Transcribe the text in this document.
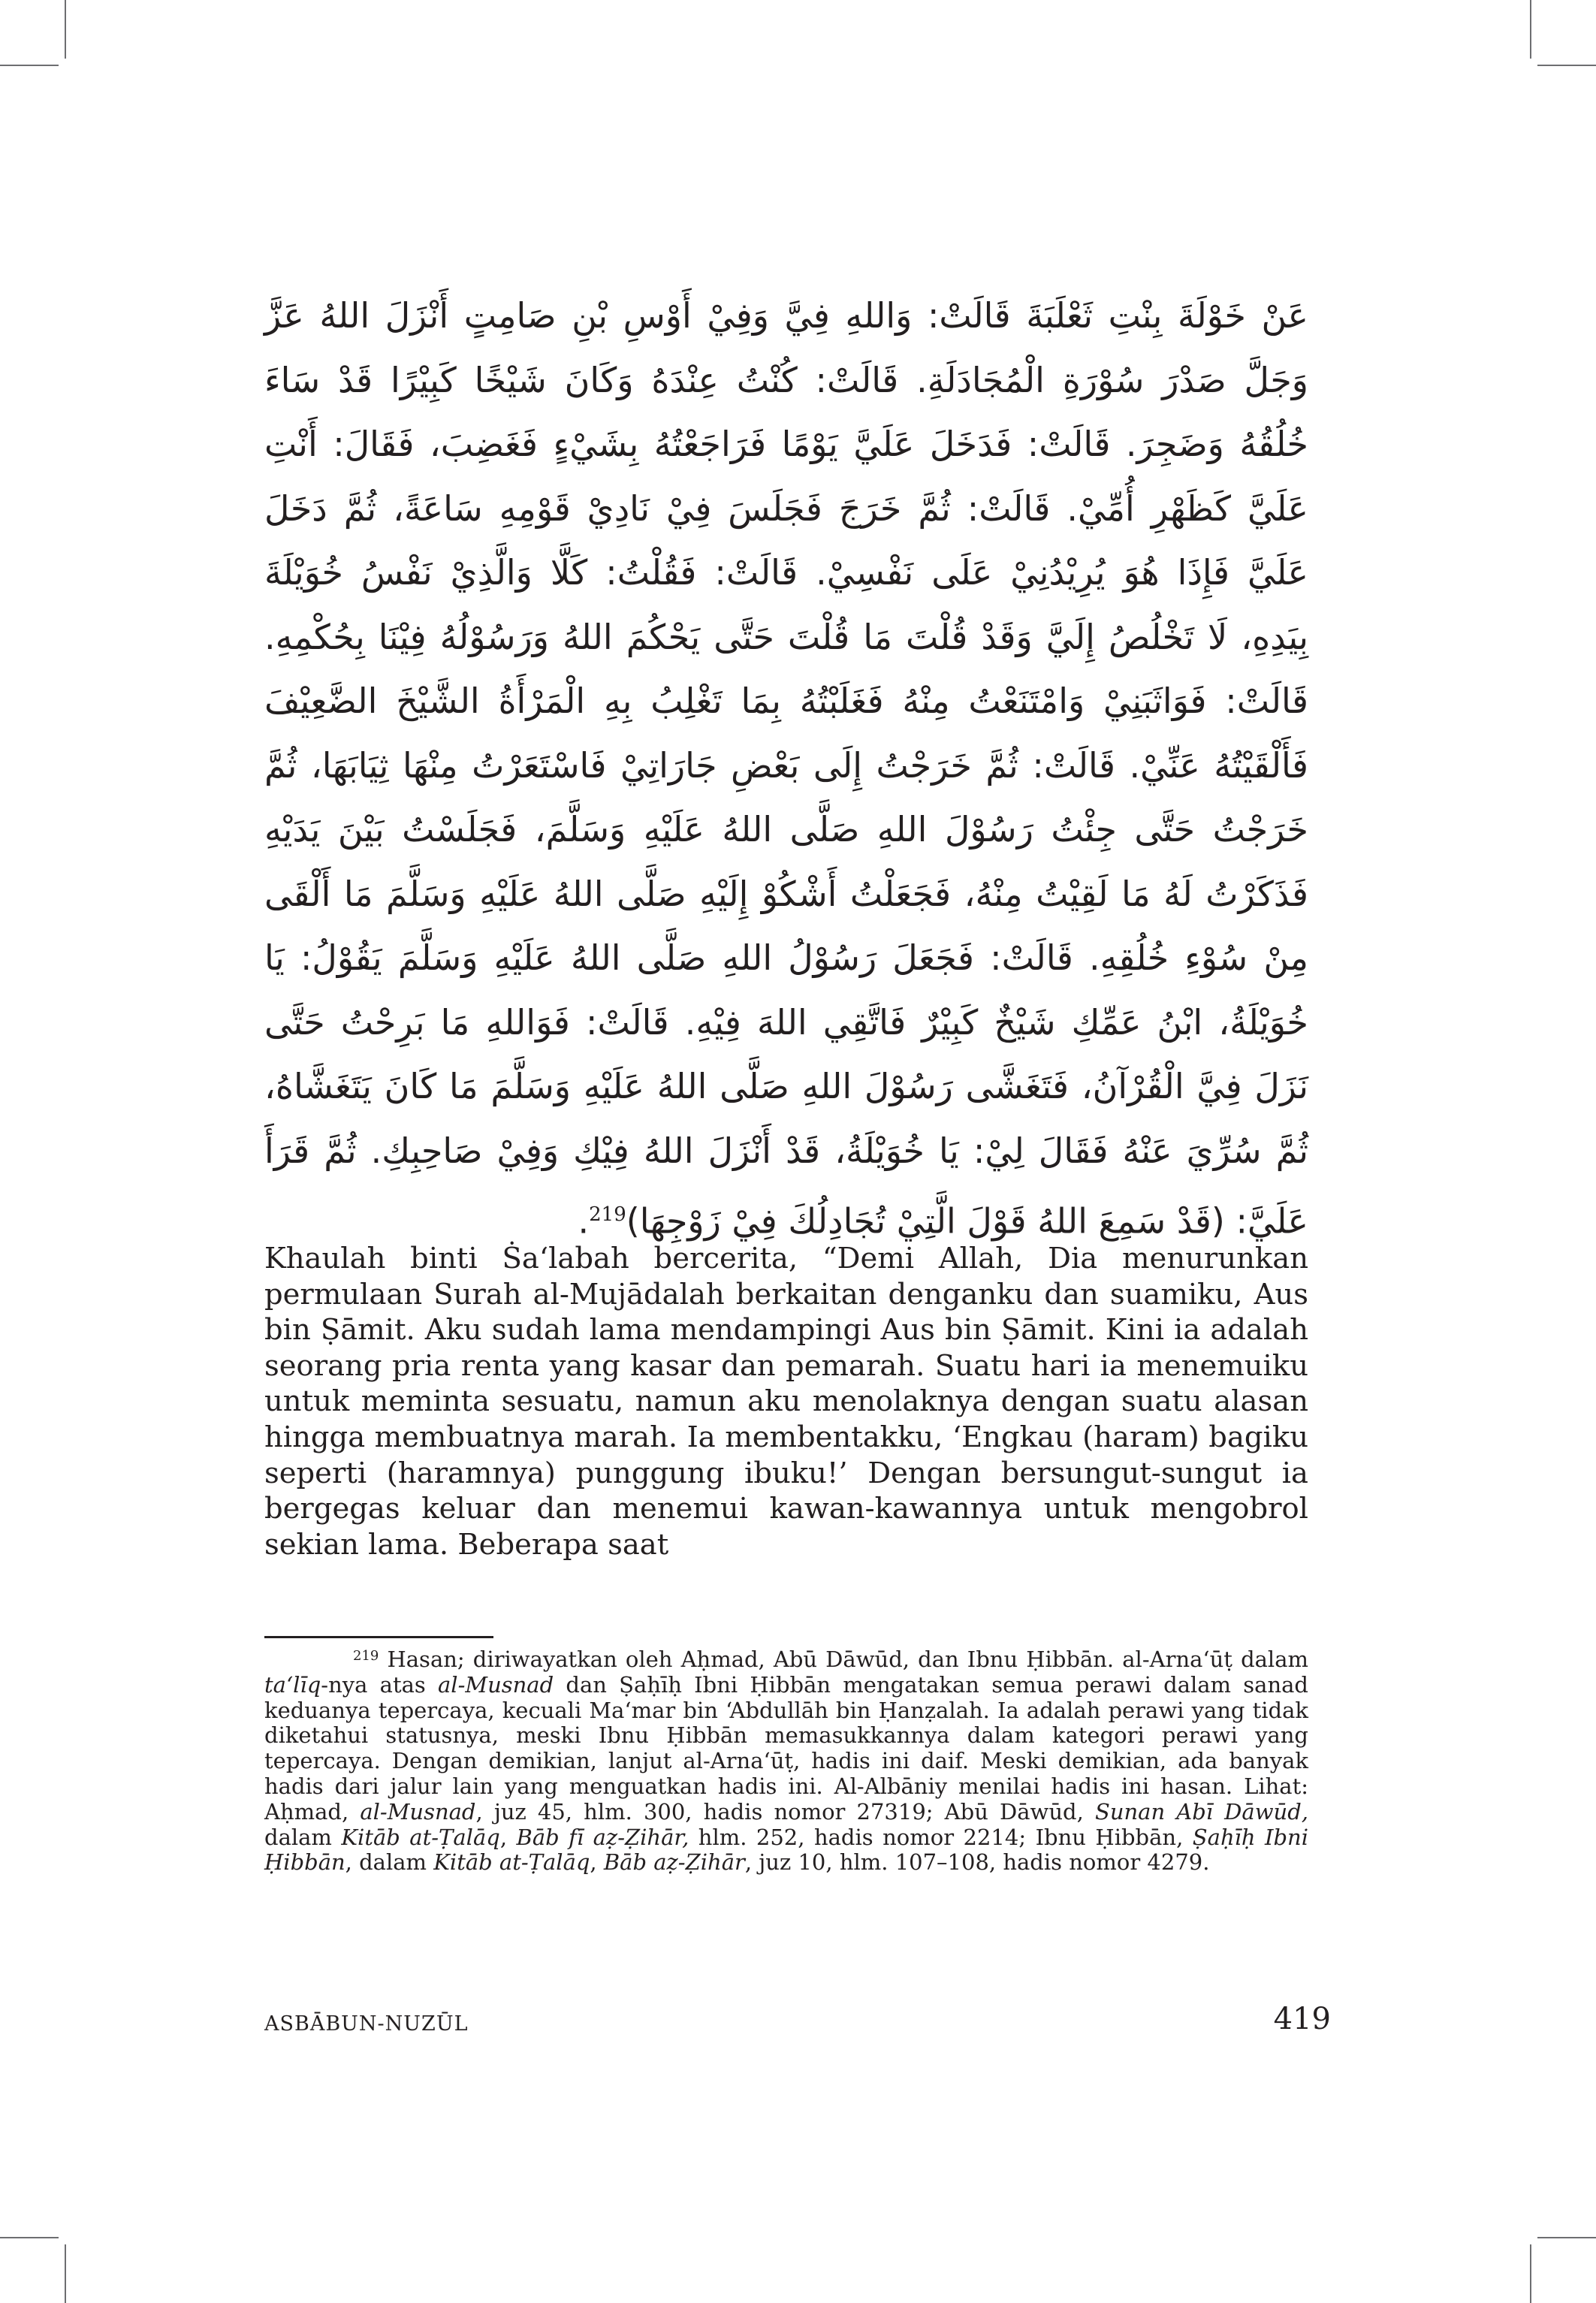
عَنْ خَوْلَةَ بِنْتِ ثَعْلَبَةَ قَالَتْ: وَاللهِ فِيَّ وَفِيْ أَوْسِ بْنِ صَامِتٍ أَنْزَلَ اللهُ عَزَّ وَجَلَّ صَدْرَ سُوْرَةِ الْمُجَادَلَةِ. قَالَتْ: كُنْتُ عِنْدَهُ وَكَانَ شَيْخًا كَبِيْرًا قَدْ سَاءَ خُلُقُهُ وَضَجِرَ. قَالَتْ: فَدَخَلَ عَلَيَّ يَوْمًا فَرَاجَعْتُهُ بِشَيْءٍ فَغَضِبَ، فَقَالَ: أَنْتِ عَلَيَّ كَظَهْرِ أُمِّيْ. قَالَتْ: ثُمَّ خَرَجَ فَجَلَسَ فِيْ نَادِيْ قَوْمِهِ سَاعَةً، ثُمَّ دَخَلَ عَلَيَّ فَإِذَا هُوَ يُرِيْدُنِيْ عَلَى نَفْسِيْ. قَالَتْ: فَقُلْتُ: كَلَّا وَالَّذِيْ نَفْسُ خُوَيْلَةَ بِيَدِهِ، لَا تَخْلُصُ إِلَيَّ وَقَدْ قُلْتَ مَا قُلْتَ حَتَّى يَحْكُمَ اللهُ وَرَسُوْلُهُ فِيْنَا بِحُكْمِهِ. قَالَتْ: فَوَاثَبَنِيْ وَامْتَنَعْتُ مِنْهُ فَغَلَبْتُهُ بِمَا تَغْلِبُ بِهِ الْمَرْأَةُ الشَّيْخَ الضَّعِيْفَ فَأَلْقَيْتُهُ عَنِّيْ. قَالَتْ: ثُمَّ خَرَجْتُ إِلَى بَعْضِ جَارَاتِيْ فَاسْتَعَرْتُ مِنْهَا ثِيَابَهَا، ثُمَّ خَرَجْتُ حَتَّى جِئْتُ رَسُوْلَ اللهِ صَلَّى اللهُ عَلَيْهِ وَسَلَّمَ، فَجَلَسْتُ بَيْنَ يَدَيْهِ فَذَكَرْتُ لَهُ مَا لَقِيْتُ مِنْهُ، فَجَعَلْتُ أَشْكُوْ إِلَيْهِ صَلَّى اللهُ عَلَيْهِ وَسَلَّمَ مَا أَلْقَى مِنْ سُوْءِ خُلُقِهِ. قَالَتْ: فَجَعَلَ رَسُوْلُ اللهِ صَلَّى اللهُ عَلَيْهِ وَسَلَّمَ يَقُوْلُ: يَا خُوَيْلَةُ، ابْنُ عَمِّكِ شَيْخٌ كَبِيْرٌ فَاتَّقِي اللهَ فِيْهِ. قَالَتْ: فَوَاللهِ مَا بَرِحْتُ حَتَّى نَزَلَ فِيَّ الْقُرْآنُ، فَتَغَشَّى رَسُوْلَ اللهِ صَلَّى اللهُ عَلَيْهِ وَسَلَّمَ مَا كَانَ يَتَغَشَّاهُ، ثُمَّ سُرِّيَ عَنْهُ فَقَالَ لِيْ: يَا خُوَيْلَةُ، قَدْ أَنْزَلَ اللهُ فِيْكِ وَفِيْ صَاحِبِكِ. ثُمَّ قَرَأَ عَلَيَّ: (قَدْ سَمِعَ اللهُ قَوْلَ الَّتِيْ تُجَادِلُكَ فِيْ زَوْجِهَا)$^{219}$.
Khaulah binti Ṡa‘labah bercerita, “Demi Allah, Dia menurunkan permulaan Surah al-Mujādalah berkaitan denganku dan suamiku, Aus bin Ṣāmit. Aku sudah lama mendampingi Aus bin Ṣāmit. Kini ia adalah seorang pria renta yang kasar dan pemarah. Suatu hari ia menemuiku untuk meminta sesuatu, namun aku menolaknya dengan suatu alasan hingga membuatnya marah. Ia membentakku, ‘Engkau (haram) bagiku seperti (haramnya) punggung ibuku!’ Dengan bersungut-sungut ia bergegas keluar dan menemui kawan-kawannya untuk mengobrol sekian lama. Beberapa saat

$^{219}$ Hasan; diriwayatkan oleh Aḥmad, Abū Dāwūd, dan Ibnu Ḥibbān. al-Arna‘ūṭ dalam ta‘līq-nya atas al-Musnad dan Ṣaḥīḥ Ibni Ḥibbān mengatakan semua perawi dalam sanad keduanya tepercaya, kecuali Ma‘mar bin ‘Abdullāh bin Ḥanẓalah. Ia adalah perawi yang tidak diketahui statusnya, meski Ibnu Ḥibbān memasukkannya dalam kategori perawi yang tepercaya. Dengan demikian, lanjut al-Arna‘ūṭ, hadis ini daif. Meski demikian, ada banyak hadis dari jalur lain yang menguatkan hadis ini. Al-Albāniy menilai hadis ini hasan. Lihat: Aḥmad, al-Musnad, juz 45, hlm. 300, hadis nomor 27319; Abū Dāwūd, Sunan Abī Dāwūd, dalam Kitāb at-Ṭalāq, Bāb fī aẓ-Ẓihār, hlm. 252, hadis nomor 2214; Ibnu Ḥibbān, Ṣaḥīḥ Ibni Ḥibbān, dalam Kitāb at-Ṭalāq, Bāb aẓ-Ẓihār, juz 10, hlm. 107–108, hadis nomor 4279.

ASBĀBUN-NUZŪL	419
